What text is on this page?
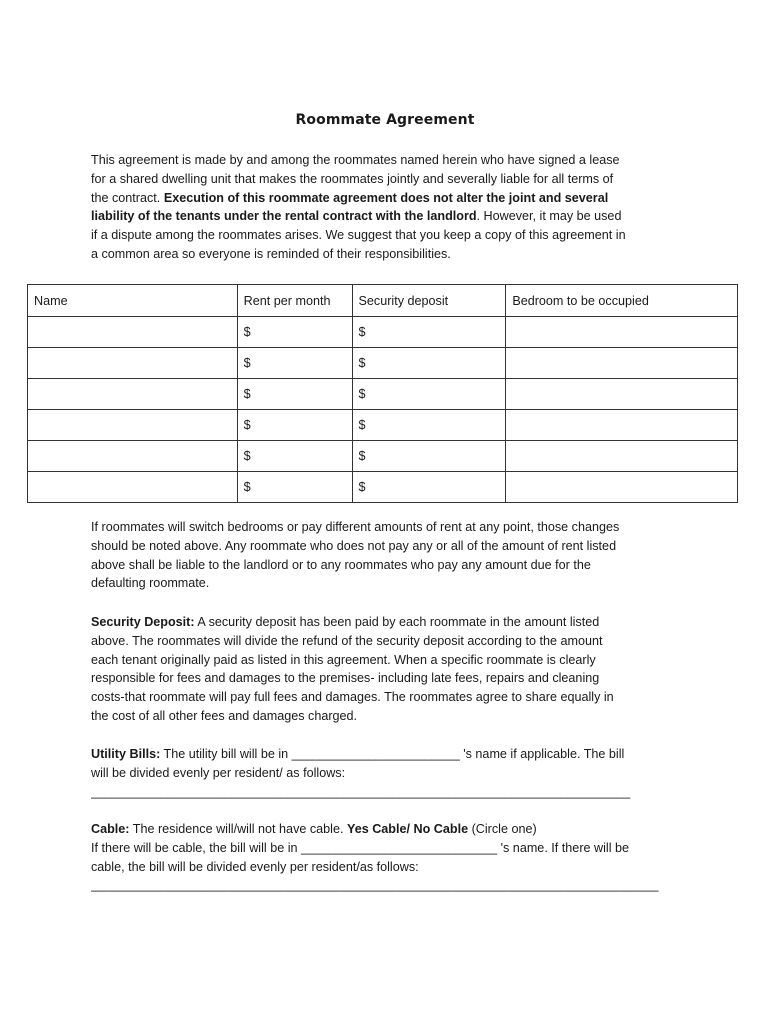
Roommate Agreement

This agreement is made by and among the roommates named herein who have signed a lease
for a shared dwelling unit that makes the roommates jointly and severally liable for all terms of
the contract. Execution of this roommate agreement does not alter the joint and several
liability of the tenants under the rental contract with the landlord. However, it may be used
if a dispute among the roommates arises. We suggest that you keep a copy of this agreement in
a common area so everyone is reminded of their responsibilities.

Name	Rent per month	Security deposit	Bedroom to be occupied
	$	$	
	$	$	
	$	$	
	$	$	
	$	$	
	$	$	

If roommates will switch bedrooms or pay different amounts of rent at any point, those changes
should be noted above. Any roommate who does not pay any or all of the amount of rent listed
above shall be liable to the landlord or to any roommates who pay any amount due for the
defaulting roommate.

Security Deposit: A security deposit has been paid by each roommate in the amount listed
above. The roommates will divide the refund of the security deposit according to the amount
each tenant originally paid as listed in this agreement. When a specific roommate is clearly
responsible for fees and damages to the premises- including late fees, repairs and cleaning
costs-that roommate will pay full fees and damages. The roommates agree to share equally in
the cost of all other fees and damages charged.

Utility Bills: The utility bill will be in ________________________ 's name if applicable. The bill
will be divided evenly per resident/ as follows:
_____________________________________________________________________________

Cable: The residence will/will not have cable. Yes Cable/ No Cable (Circle one)
If there will be cable, the bill will be in ____________________________ 's name. If there will be
cable, the bill will be divided evenly per resident/as follows:
_________________________________________________________________________________
